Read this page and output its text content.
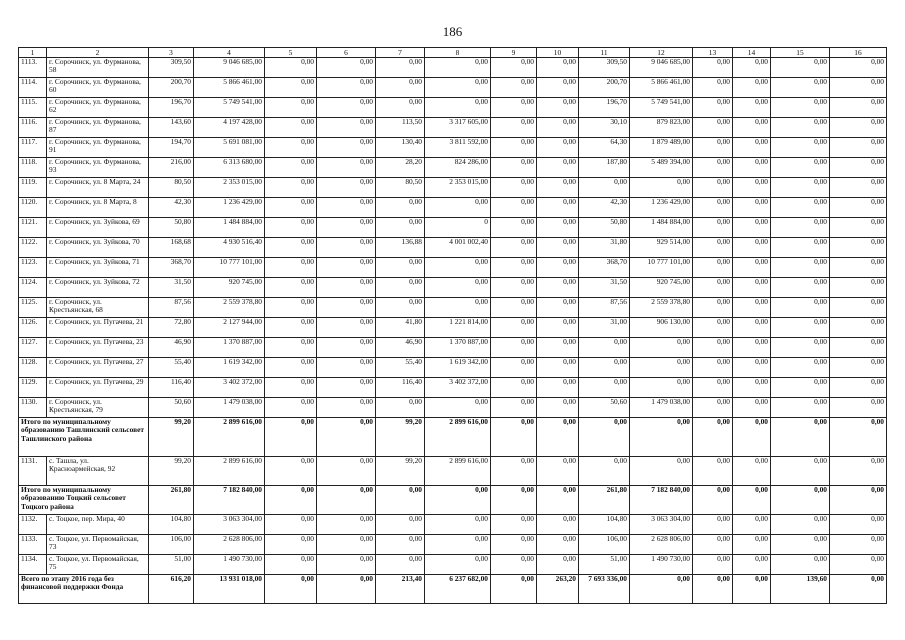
186
1	2	3	4	5	6	7	8	9	10	11	12	13	14	15	16
1113.	г. Сорочинск, ул. Фурманова, 58	309,50	9 046 685,00	0,00	0,00	0,00	0,00	0,00	0,00	309,50	9 046 685,00	0,00	0,00	0,00	0,00
1114.	г. Сорочинск, ул. Фурманова, 60	200,70	5 866 461,00	0,00	0,00	0,00	0,00	0,00	0,00	200,70	5 866 461,00	0,00	0,00	0,00	0,00
1115.	г. Сорочинск, ул. Фурманова, 62	196,70	5 749 541,00	0,00	0,00	0,00	0,00	0,00	0,00	196,70	5 749 541,00	0,00	0,00	0,00	0,00
1116.	г. Сорочинск, ул. Фурманова, 87	143,60	4 197 428,00	0,00	0,00	113,50	3 317 605,00	0,00	0,00	30,10	879 823,00	0,00	0,00	0,00	0,00
1117.	г. Сорочинск, ул. Фурманова, 91	194,70	5 691 081,00	0,00	0,00	130,40	3 811 592,00	0,00	0,00	64,30	1 879 489,00	0,00	0,00	0,00	0,00
1118.	г. Сорочинск, ул. Фурманова, 93	216,00	6 313 680,00	0,00	0,00	28,20	824 286,00	0,00	0,00	187,80	5 489 394,00	0,00	0,00	0,00	0,00
1119.	г. Сорочинск, ул. 8 Марта, 24	80,50	2 353 015,00	0,00	0,00	80,50	2 353 015,00	0,00	0,00	0,00	0,00	0,00	0,00	0,00	0,00
1120.	г. Сорочинск, ул. 8 Марта, 8	42,30	1 236 429,00	0,00	0,00	0,00	0,00	0,00	0,00	42,30	1 236 429,00	0,00	0,00	0,00	0,00
1121.	г. Сорочинск, ул. Зуйкова, 69	50,80	1 484 884,00	0,00	0,00	0,00	0	0,00	0,00	50,80	1 484 884,00	0,00	0,00	0,00	0,00
1122.	г. Сорочинск, ул. Зуйкова, 70	168,68	4 930 516,40	0,00	0,00	136,88	4 001 002,40	0,00	0,00	31,80	929 514,00	0,00	0,00	0,00	0,00
1123.	г. Сорочинск, ул. Зуйкова, 71	368,70	10 777 101,00	0,00	0,00	0,00	0,00	0,00	0,00	368,70	10 777 101,00	0,00	0,00	0,00	0,00
1124.	г. Сорочинск, ул. Зуйкова, 72	31,50	920 745,00	0,00	0,00	0,00	0,00	0,00	0,00	31,50	920 745,00	0,00	0,00	0,00	0,00
1125.	г. Сорочинск, ул. Крестьянская, 68	87,56	2 559 378,80	0,00	0,00	0,00	0,00	0,00	0,00	87,56	2 559 378,80	0,00	0,00	0,00	0,00
1126.	г. Сорочинск, ул. Пугачева, 21	72,80	2 127 944,00	0,00	0,00	41,80	1 221 814,00	0,00	0,00	31,00	906 130,00	0,00	0,00	0,00	0,00
1127.	г. Сорочинск, ул. Пугачева, 23	46,90	1 370 887,00	0,00	0,00	46,90	1 370 887,00	0,00	0,00	0,00	0,00	0,00	0,00	0,00	0,00
1128.	г. Сорочинск, ул. Пугачева, 27	55,40	1 619 342,00	0,00	0,00	55,40	1 619 342,00	0,00	0,00	0,00	0,00	0,00	0,00	0,00	0,00
1129.	г. Сорочинск, ул. Пугачева, 29	116,40	3 402 372,00	0,00	0,00	116,40	3 402 372,00	0,00	0,00	0,00	0,00	0,00	0,00	0,00	0,00
1130.	г. Сорочинск, ул. Крестьянская, 79	50,60	1 479 038,00	0,00	0,00	0,00	0,00	0,00	0,00	50,60	1 479 038,00	0,00	0,00	0,00	0,00
Итого по муниципальному образованию Ташлинский сельсовет Ташлинского района		99,20	2 899 616,00	0,00	0,00	99,20	2 899 616,00	0,00	0,00	0,00	0,00	0,00	0,00	0,00	0,00
1131.	с. Ташла, ул. Красноармейская, 92	99,20	2 899 616,00	0,00	0,00	99,20	2 899 616,00	0,00	0,00	0,00	0,00	0,00	0,00	0,00	0,00
Итого по муниципальному образованию Тоцкий сельсовет Тоцкого района		261,80	7 182 840,00	0,00	0,00	0,00	0,00	0,00	0,00	261,80	7 182 840,00	0,00	0,00	0,00	0,00
1132.	с. Тоцкое, пер. Мира, 40	104,80	3 063 304,00	0,00	0,00	0,00	0,00	0,00	0,00	104,80	3 063 304,00	0,00	0,00	0,00	0,00
1133.	с. Тоцкое, ул. Первомайская, 73	106,00	2 628 806,00	0,00	0,00	0,00	0,00	0,00	0,00	106,00	2 628 806,00	0,00	0,00	0,00	0,00
1134.	с. Тоцкое, ул. Первомайская, 75	51,00	1 490 730,00	0,00	0,00	0,00	0,00	0,00	0,00	51,00	1 490 730,00	0,00	0,00	0,00	0,00
Всего по этапу 2016 года без финансовой поддержки Фонда		616,20	13 931 018,00	0,00	0,00	213,40	6 237 682,00	0,00	263,20	7 693 336,00	0,00	0,00	0,00	139,60	0,00
